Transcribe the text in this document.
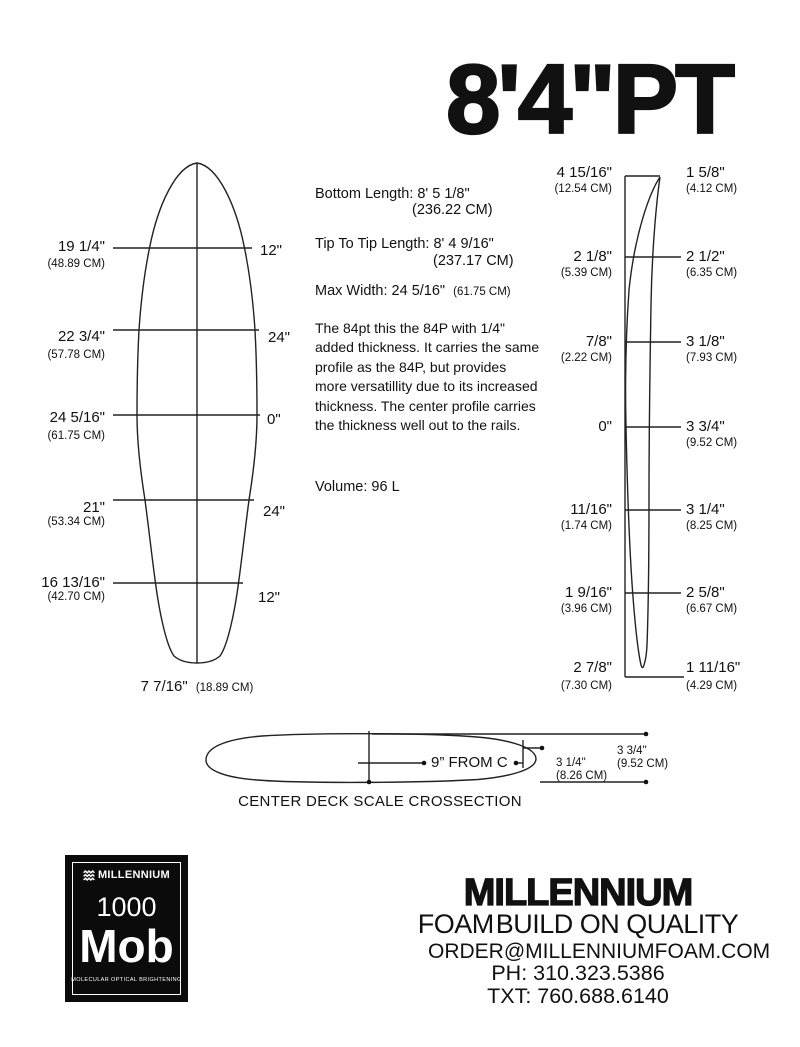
8'4"PT
19 1/4"
(48.89 CM)
12"
22 3/4"
(57.78 CM)
24"
24 5/16"
(61.75 CM)
0"
21"
(53.34 CM)
24"
16 13/16"
(42.70 CM)	12"
7 7/16" (18.89 CM)
Bottom Length: 8' 5 1/8"
(236.22 CM)
Tip To Tip Length: 8' 4 9/16"
(237.17 CM)
Max Width: 24 5/16" (61.75 CM)
The 84pt this the 84P with 1/4"
added thickness. It carries the same
profile as the 84P, but provides
more versatillity due to its increased
thickness. The center profile carries
the thickness well out to the rails.
Volume: 96 L
4 15/16"
(12.54 CM)
1 5/8"
(4.12 CM)
2 1/8"
(5.39 CM)
2 1/2"
(6.35 CM)
7/8"
(2.22 CM)
3 1/8"
(7.93 CM)
0"	3 3/4"
(9.52 CM)
11/16"
(1.74 CM)
3 1/4"
(8.25 CM)
1 9/16"
(3.96 CM)
2 5/8"
(6.67 CM)
2 7/8"
(7.30 CM)
1 11/16"
(4.29 CM)
9” FROM C	3 1/4"
(8.26 CM)
3 3/4"
(9.52 CM)
CENTER DECK SCALE CROSSECTION
MILLENNIUM
1000
Mob
MOLECULAR OPTICAL BRIGHTENING
MILLENNIUM
FOAM BUILD ON QUALITY
ORDER@MILLENNIUMFOAM.COM
PH: 310.323.5386
TXT: 760.688.6140
